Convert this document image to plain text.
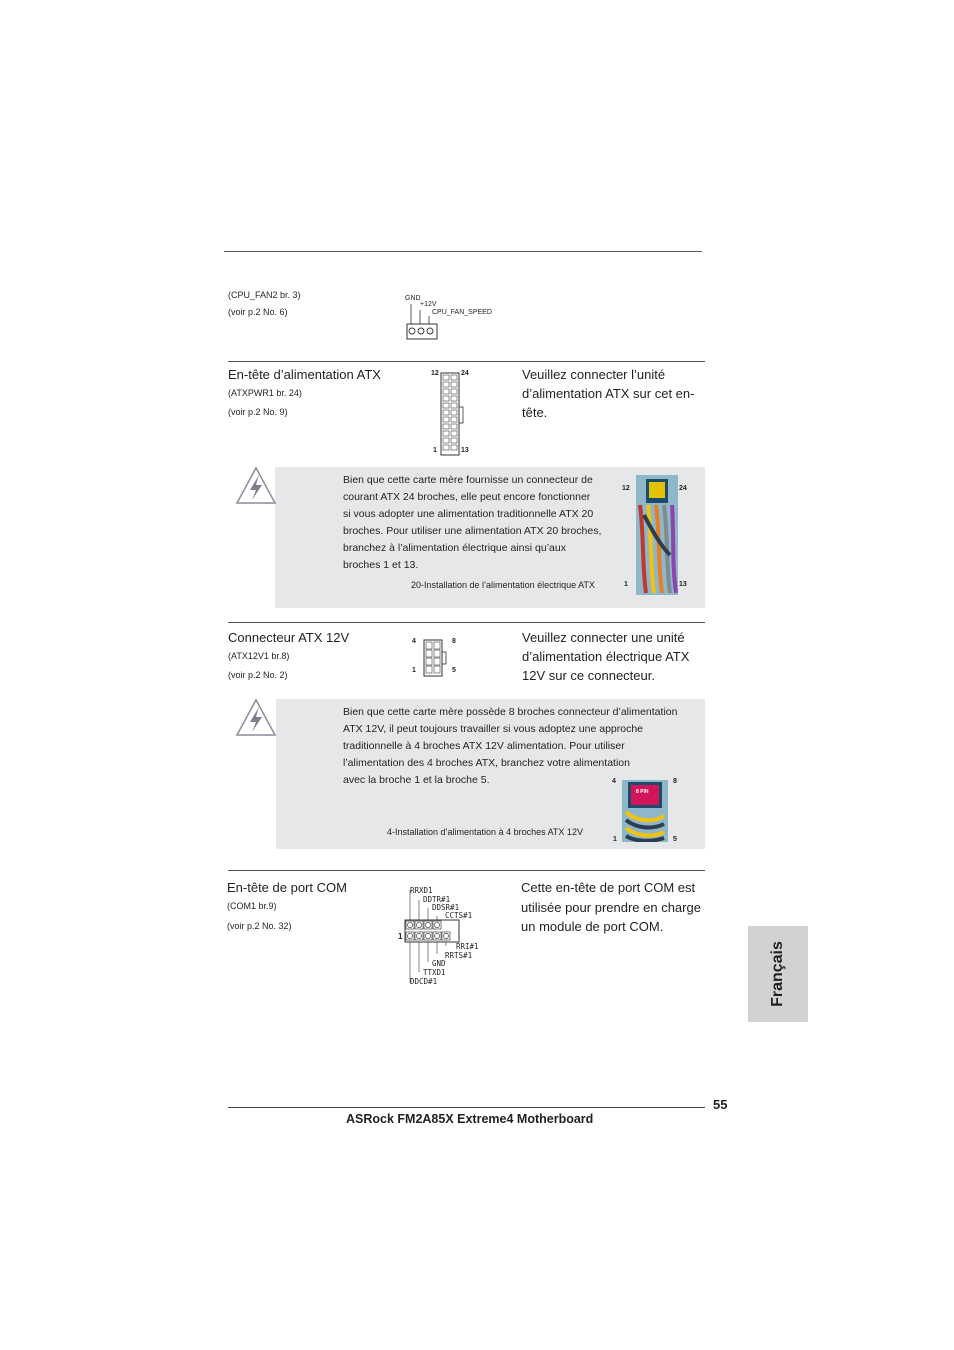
(CPU_FAN2 br. 3)
(voir p.2 No. 6)
GND
+12V
CPU_FAN_SPEED
En-tête d’alimentation ATX
(ATXPWR1 br. 24)
(voir p.2 No. 9)
Veuillez connecter l’unité
d’alimentation ATX sur cet en-
tête.
12	24
1	13
Bien que cette carte mère fournisse un connecteur de
courant ATX 24 broches, elle peut encore fonctionner
si vous adopter une alimentation traditionnelle ATX 20
broches. Pour utiliser une alimentation ATX 20 broches,
branchez à l’alimentation électrique ainsi qu’aux
broches 1 et 13.
20-Installation de l’alimentation électrique ATX
12	24
1	13
Connecteur ATX 12V
(ATX12V1 br.8)
(voir p.2 No. 2)
Veuillez connecter une unité
d’alimentation électrique ATX
12V sur ce connecteur.
4	8
1	5
Bien que cette carte mère possède 8 broches connecteur d’alimentation
ATX 12V, il peut toujours travailler si vous adoptez une approche
traditionnelle à 4 broches ATX 12V alimentation. Pour utiliser
l’alimentation des 4 broches ATX, branchez votre alimentation
avec la broche 1 et la broche 5.
4-Installation d’alimentation à 4 broches ATX 12V
4	8
1	5
8 PIN
En-tête de port COM
(COM1 br.9)
(voir p.2 No. 32)
Cette en-tête de port COM est
utilisée pour prendre en charge
un module de port COM.
RRXD1
DDTR#1
DDSR#1
CCTS#1
1
RRI#1
RRTS#1
GND
TTXD1
DDCD#1	Français
55
ASRock FM2A85X Extreme4 Motherboard
